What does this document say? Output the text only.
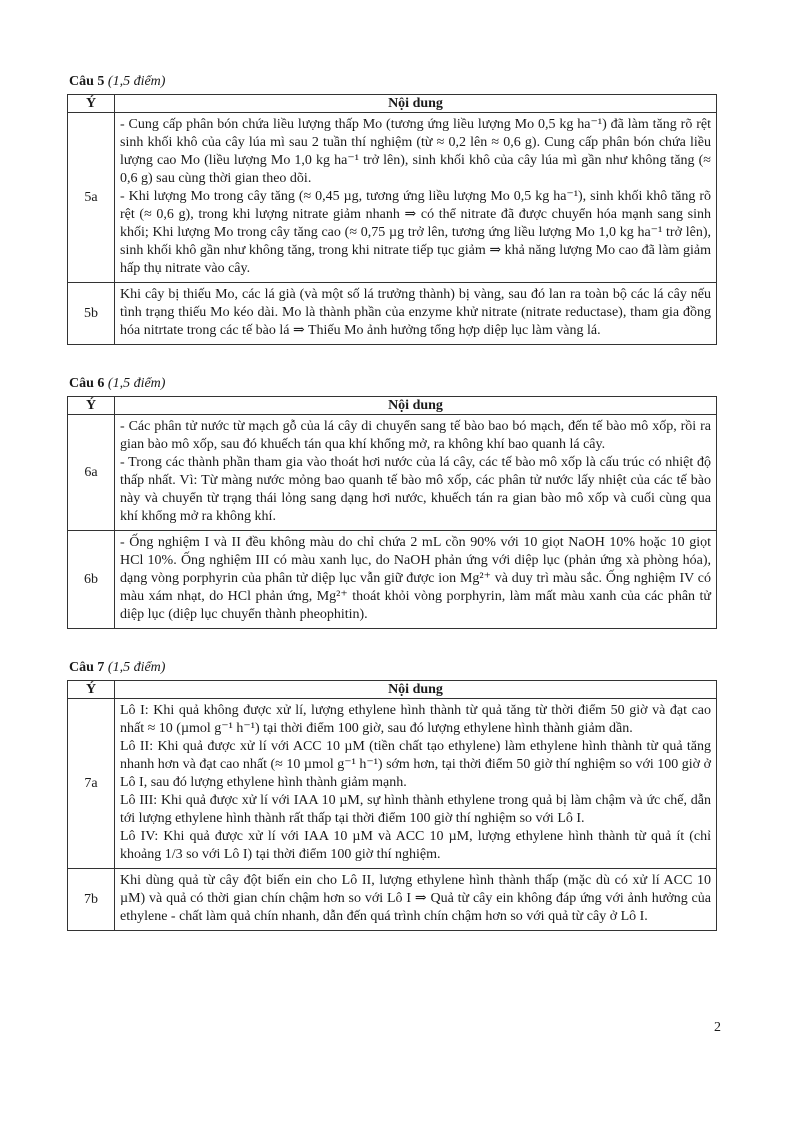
Câu 5 (1,5 điểm)
Ý	Nội dung
5a	- Cung cấp phân bón chứa liều lượng thấp Mo (tương ứng liều lượng Mo 0,5 kg ha⁻¹) đã làm tăng rõ rệt sinh khối khô của cây lúa mì sau 2 tuần thí nghiệm (từ ≈ 0,2 lên ≈ 0,6 g). Cung cấp phân bón chứa liều lượng cao Mo (liều lượng Mo 1,0 kg ha⁻¹ trở lên), sinh khối khô của cây lúa mì gần như không tăng (≈ 0,6 g) sau cùng thời gian theo dõi.

- Khi lượng Mo trong cây tăng (≈ 0,45 µg, tương ứng liều lượng Mo 0,5 kg ha⁻¹), sinh khối khô tăng rõ rệt (≈ 0,6 g), trong khi lượng nitrate giảm nhanh ⇒ có thể nitrate đã được chuyển hóa mạnh sang sinh khối; Khi lượng Mo trong cây tăng cao (≈ 0,75 µg trở lên, tương ứng liều lượng Mo 1,0 kg ha⁻¹ trở lên), sinh khối khô gần như không tăng, trong khi nitrate tiếp tục giảm ⇒ khả năng lượng Mo cao đã làm giảm hấp thụ nitrate vào cây.

5b	Khi cây bị thiếu Mo, các lá già (và một số lá trưởng thành) bị vàng, sau đó lan ra toàn bộ các lá cây nếu tình trạng thiếu Mo kéo dài. Mo là thành phần của enzyme khử nitrate (nitrate reductase), tham gia đồng hóa nitrtate trong các tế bào lá ⇒ Thiếu Mo ảnh hưởng tổng hợp diệp lục làm vàng lá.

Câu 6 (1,5 điểm)
Ý	Nội dung
6a	- Các phân tử nước từ mạch gỗ của lá cây di chuyển sang tế bào bao bó mạch, đến tế bào mô xốp, rồi ra gian bào mô xốp, sau đó khuếch tán qua khí khổng mở, ra không khí bao quanh lá cây.

- Trong các thành phần tham gia vào thoát hơi nước của lá cây, các tế bào mô xốp là cấu trúc có nhiệt độ thấp nhất. Vì: Từ màng nước mỏng bao quanh tế bào mô xốp, các phân tử nước lấy nhiệt của các tế bào này và chuyển từ trạng thái lỏng sang dạng hơi nước, khuếch tán ra gian bào mô xốp và cuối cùng qua khí khổng mở ra không khí.

6b	- Ống nghiệm I và II đều không màu do chỉ chứa 2 mL cồn 90% với 10 giọt NaOH 10% hoặc 10 giọt HCl 10%. Ống nghiệm III có màu xanh lục, do NaOH phản ứng với diệp lục (phản ứng xà phòng hóa), dạng vòng porphyrin của phân tử diệp lục vẫn giữ được ion Mg²⁺ và duy trì màu sắc. Ống nghiệm IV có màu xám nhạt, do HCl phản ứng, Mg²⁺ thoát khỏi vòng porphyrin, làm mất màu xanh của các phân tử diệp lục (diệp lục chuyển thành pheophitin).

Câu 7 (1,5 điểm)
Ý	Nội dung
7a	Lô I: Khi quả không được xử lí, lượng ethylene hình thành từ quả tăng từ thời điểm 50 giờ và đạt cao nhất ≈ 10 (µmol g⁻¹ h⁻¹) tại thời điểm 100 giờ, sau đó lượng ethylene hình thành giảm dần.

Lô II: Khi quả được xử lí với ACC 10 µM (tiền chất tạo ethylene) làm ethylene hình thành từ quả tăng nhanh hơn và đạt cao nhất (≈ 10 µmol g⁻¹ h⁻¹) sớm hơn, tại thời điểm 50 giờ thí nghiệm so với 100 giờ ở Lô I, sau đó lượng ethylene hình thành giảm mạnh.

Lô III: Khi quả được xử lí với IAA 10 µM, sự hình thành ethylene trong quả bị làm chậm và ức chế, dẫn tới lượng ethylene hình thành rất thấp tại thời điểm 100 giờ thí nghiệm so với Lô I.

Lô IV: Khi quả được xử lí với IAA 10 µM và ACC 10 µM, lượng ethylene hình thành từ quả ít (chỉ khoảng 1/3 so với Lô I) tại thời điểm 100 giờ thí nghiệm.

7b	Khi dùng quả từ cây đột biến ein cho Lô II, lượng ethylene hình thành thấp (mặc dù có xử lí ACC 10 µM) và quả có thời gian chín chậm hơn so với Lô I ⇒ Quả từ cây ein không đáp ứng với ảnh hưởng của ethylene - chất làm quả chín nhanh, dẫn đến quá trình chín chậm hơn so với quả từ cây ở Lô I.

2
